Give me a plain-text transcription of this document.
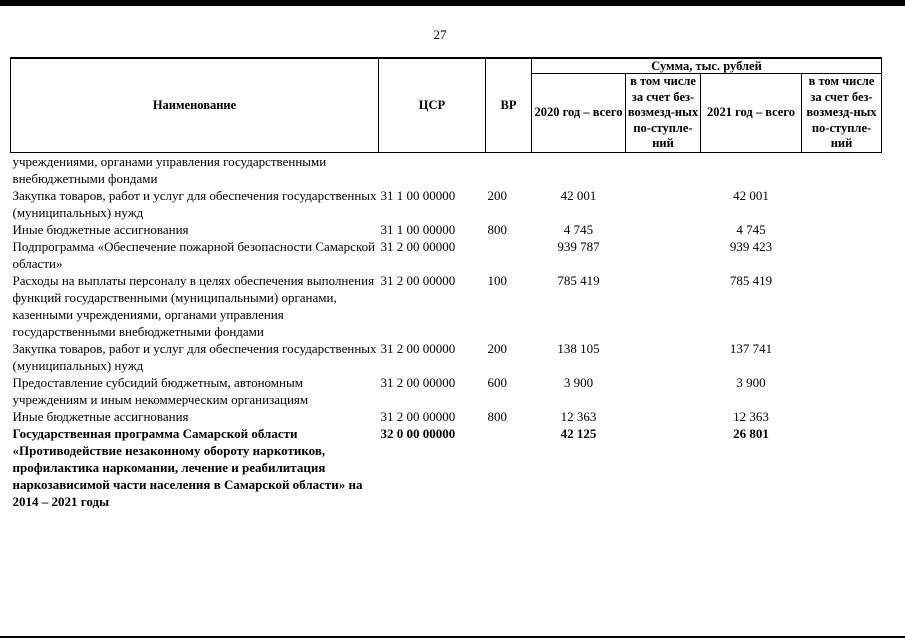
27
Наименование	ЦСР	ВР	Сумма, тыс. рублей			
			2020 год – всего	в том числе за счет без-возмезд-ных по-ступле-ний	2021 год – всего	в том числе за счет без-возмезд-ных по-ступле-ний
учреждениями, органами управления государственными внебюджетными фондами						
Закупка товаров, работ и услуг для обеспечения государственных (муниципальных) нужд	31 1 00 00000	200	42 001		42 001	
Иные бюджетные ассигнования	31 1 00 00000	800	4 745		4 745	
Подпрограмма «Обеспечение пожарной безопасности Самарской области»	31 2 00 00000		939 787		939 423	
Расходы на выплаты персоналу в целях обеспечения выполнения функций государственными (муниципальными) органами, казенными учреждениями, органами управления государственными внебюджетными фондами	31 2 00 00000	100	785 419		785 419	
Закупка товаров, работ и услуг для обеспечения государственных (муниципальных) нужд	31 2 00 00000	200	138 105		137 741	
Предоставление субсидий бюджетным, автономным учреждениям и иным некоммерческим организациям	31 2 00 00000	600	3 900		3 900	
Иные бюджетные ассигнования	31 2 00 00000	800	12 363		12 363	
Государственная программа Самарской области «Противодействие незаконному обороту наркотиков, профилактика наркомании, лечение и реабилитация наркозависимой части населения в Самарской области» на 2014 – 2021 годы	32 0 00 00000		42 125		26 801	
